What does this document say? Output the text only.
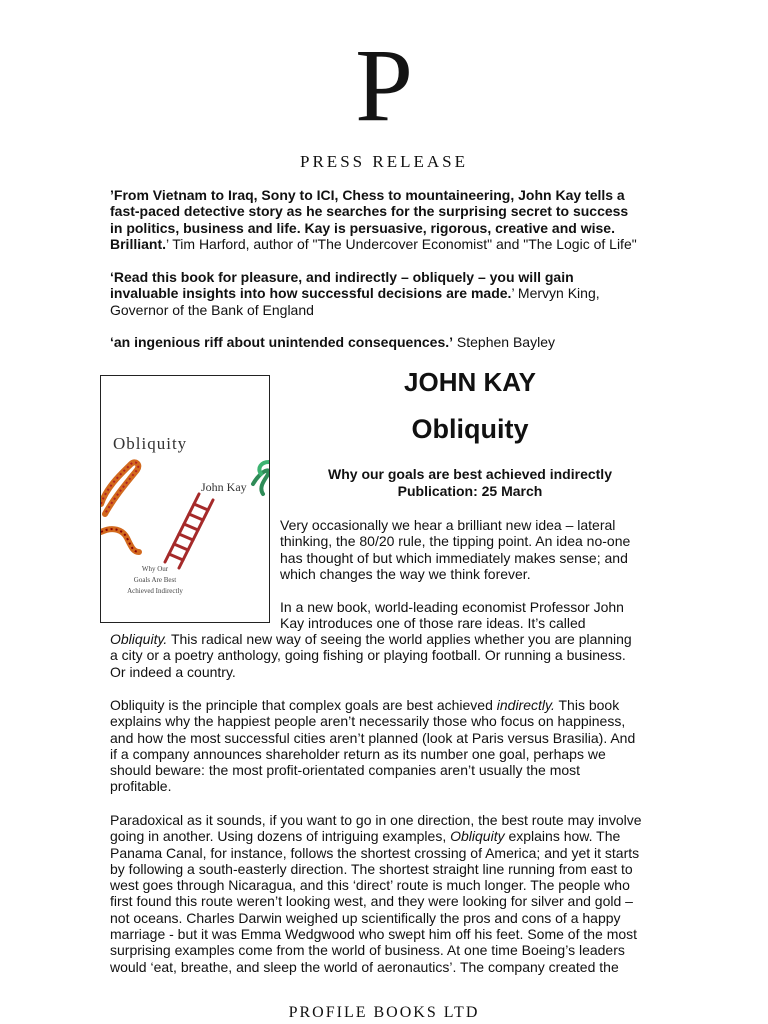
P
PRESS RELEASE
’From Vietnam to Iraq, Sony to ICI, Chess to mountaineering, John Kay tells a
fast-paced detective story as he searches for the surprising secret to success
in politics, business and life. Kay is persuasive, rigorous, creative and wise.
Brilliant.’ Tim Harford, author of "The Undercover Economist" and "The Logic of Life"
‘Read this book for pleasure, and indirectly – obliquely – you will gain
invaluable insights into how successful decisions are made.’ Mervyn King,
Governor of the Bank of England
‘an ingenious riff about unintended consequences.’ Stephen Bayley
Obliquity
John Kay
Why Our
Goals Are Best
Achieved Indirectly
JOHN KAY
Obliquity
Why our goals are best achieved indirectly
Publication: 25 March
Very occasionally we hear a brilliant new idea – lateral
thinking, the 80/20 rule, the tipping point. An idea no-one
has thought of but which immediately makes sense; and
which changes the way we think forever.
In a new book, world-leading economist Professor John
Kay introduces one of those rare ideas. It’s called
Obliquity. This radical new way of seeing the world applies whether you are planning
a city or a poetry anthology, going fishing or playing football. Or running a business.
Or indeed a country.
Obliquity is the principle that complex goals are best achieved indirectly. This book
explains why the happiest people aren’t necessarily those who focus on happiness,
and how the most successful cities aren’t planned (look at Paris versus Brasilia). And
if a company announces shareholder return as its number one goal, perhaps we
should beware: the most profit-orientated companies aren’t usually the most
profitable.
Paradoxical as it sounds, if you want to go in one direction, the best route may involve
going in another. Using dozens of intriguing examples, Obliquity explains how. The
Panama Canal, for instance, follows the shortest crossing of America; and yet it starts
by following a south-easterly direction. The shortest straight line running from east to
west goes through Nicaragua, and this ‘direct’ route is much longer. The people who
first found this route weren’t looking west, and they were looking for silver and gold –
not oceans. Charles Darwin weighed up scientifically the pros and cons of a happy
marriage - but it was Emma Wedgwood who swept him off his feet. Some of the most
surprising examples come from the world of business. At one time Boeing’s leaders
would ‘eat, breathe, and sleep the world of aeronautics’. The company created the
PROFILE BOOKS LTD
